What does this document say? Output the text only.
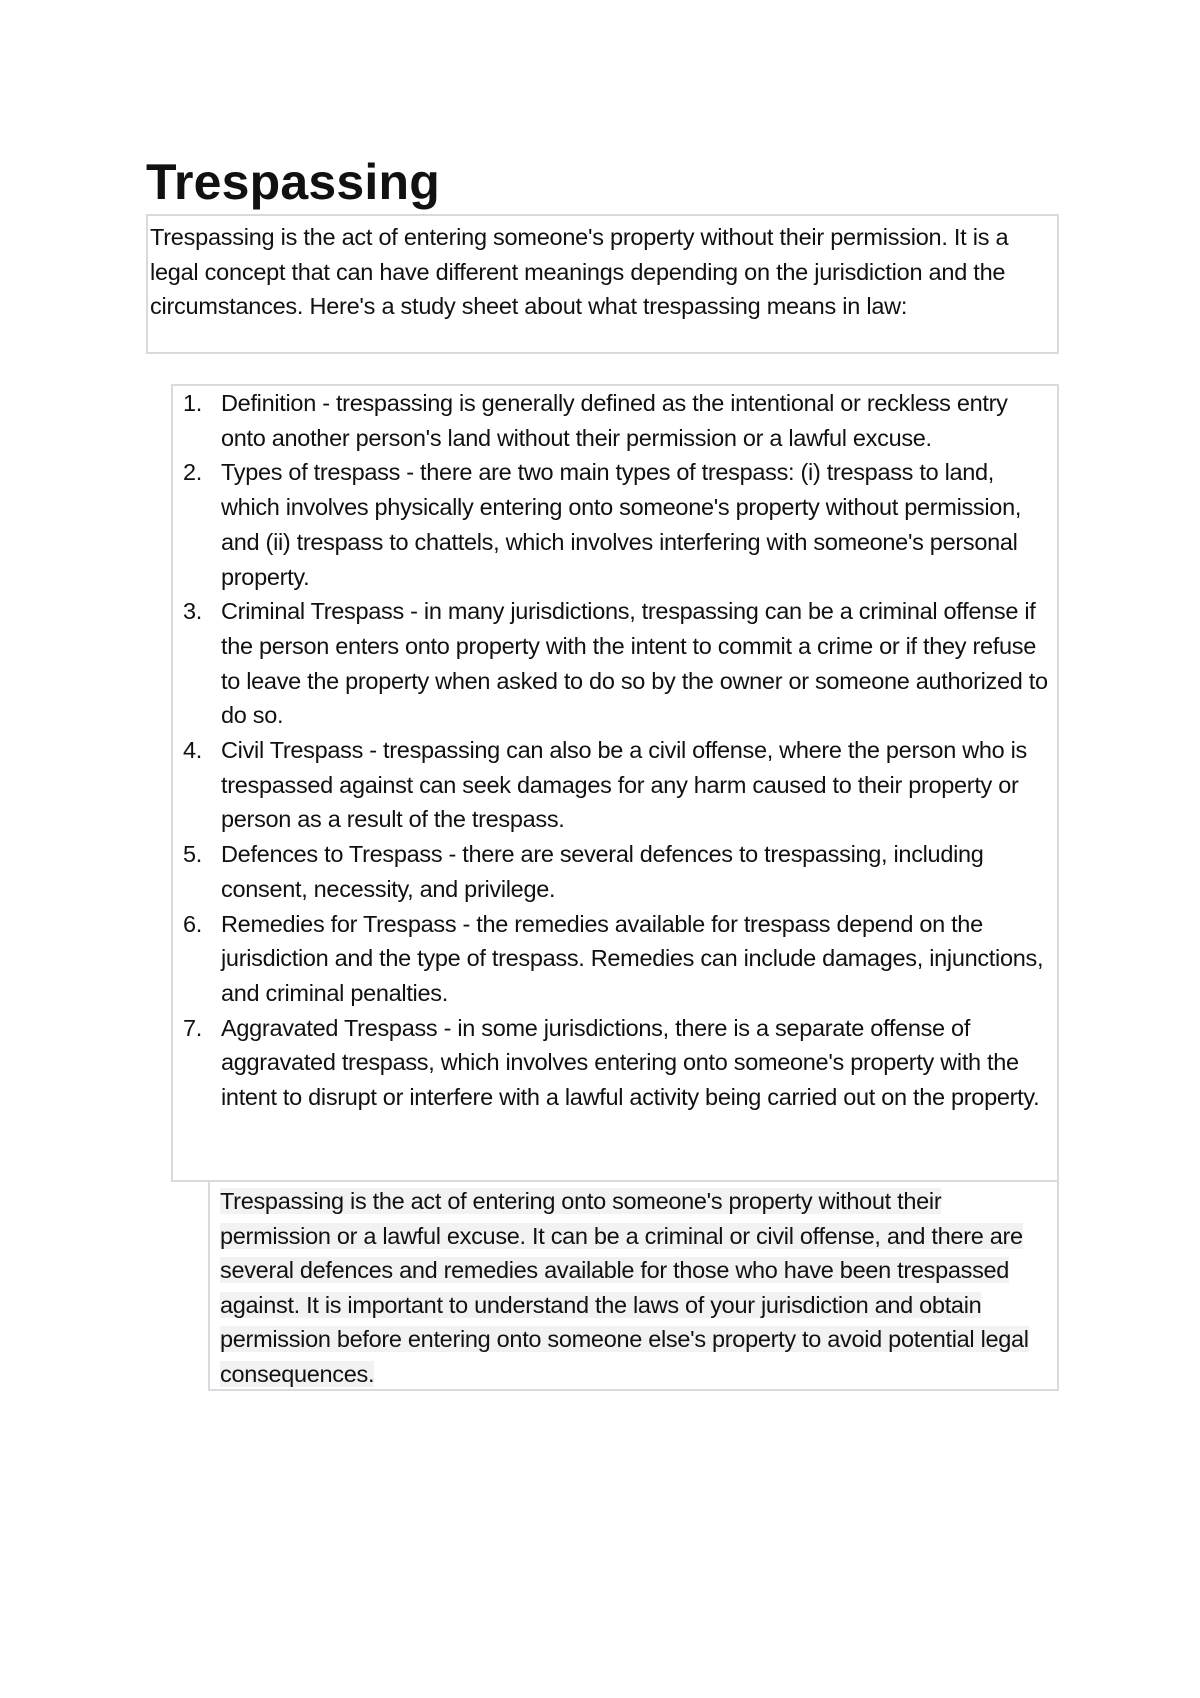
Trespassing

Trespassing is the act of entering someone's property without their permission. It is a legal concept that can have different meanings depending on the jurisdiction and the circumstances. Here's a study sheet about what trespassing means in law:

1. Definition - trespassing is generally defined as the intentional or reckless entry onto another person's land without their permission or a lawful excuse.
2. Types of trespass - there are two main types of trespass: (i) trespass to land, which involves physically entering onto someone's property without permission, and (ii) trespass to chattels, which involves interfering with someone's personal property.
3. Criminal Trespass - in many jurisdictions, trespassing can be a criminal offense if the person enters onto property with the intent to commit a crime or if they refuse to leave the property when asked to do so by the owner or someone authorized to do so.
4. Civil Trespass - trespassing can also be a civil offense, where the person who is trespassed against can seek damages for any harm caused to their property or person as a result of the trespass.
5. Defences to Trespass - there are several defences to trespassing, including consent, necessity, and privilege.
6. Remedies for Trespass - the remedies available for trespass depend on the jurisdiction and the type of trespass. Remedies can include damages, injunctions, and criminal penalties.
7. Aggravated Trespass - in some jurisdictions, there is a separate offense of aggravated trespass, which involves entering onto someone's property with the intent to disrupt or interfere with a lawful activity being carried out on the property.

Trespassing is the act of entering onto someone's property without their permission or a lawful excuse. It can be a criminal or civil offense, and there are several defences and remedies available for those who have been trespassed against. It is important to understand the laws of your jurisdiction and obtain permission before entering onto someone else's property to avoid potential legal consequences.
